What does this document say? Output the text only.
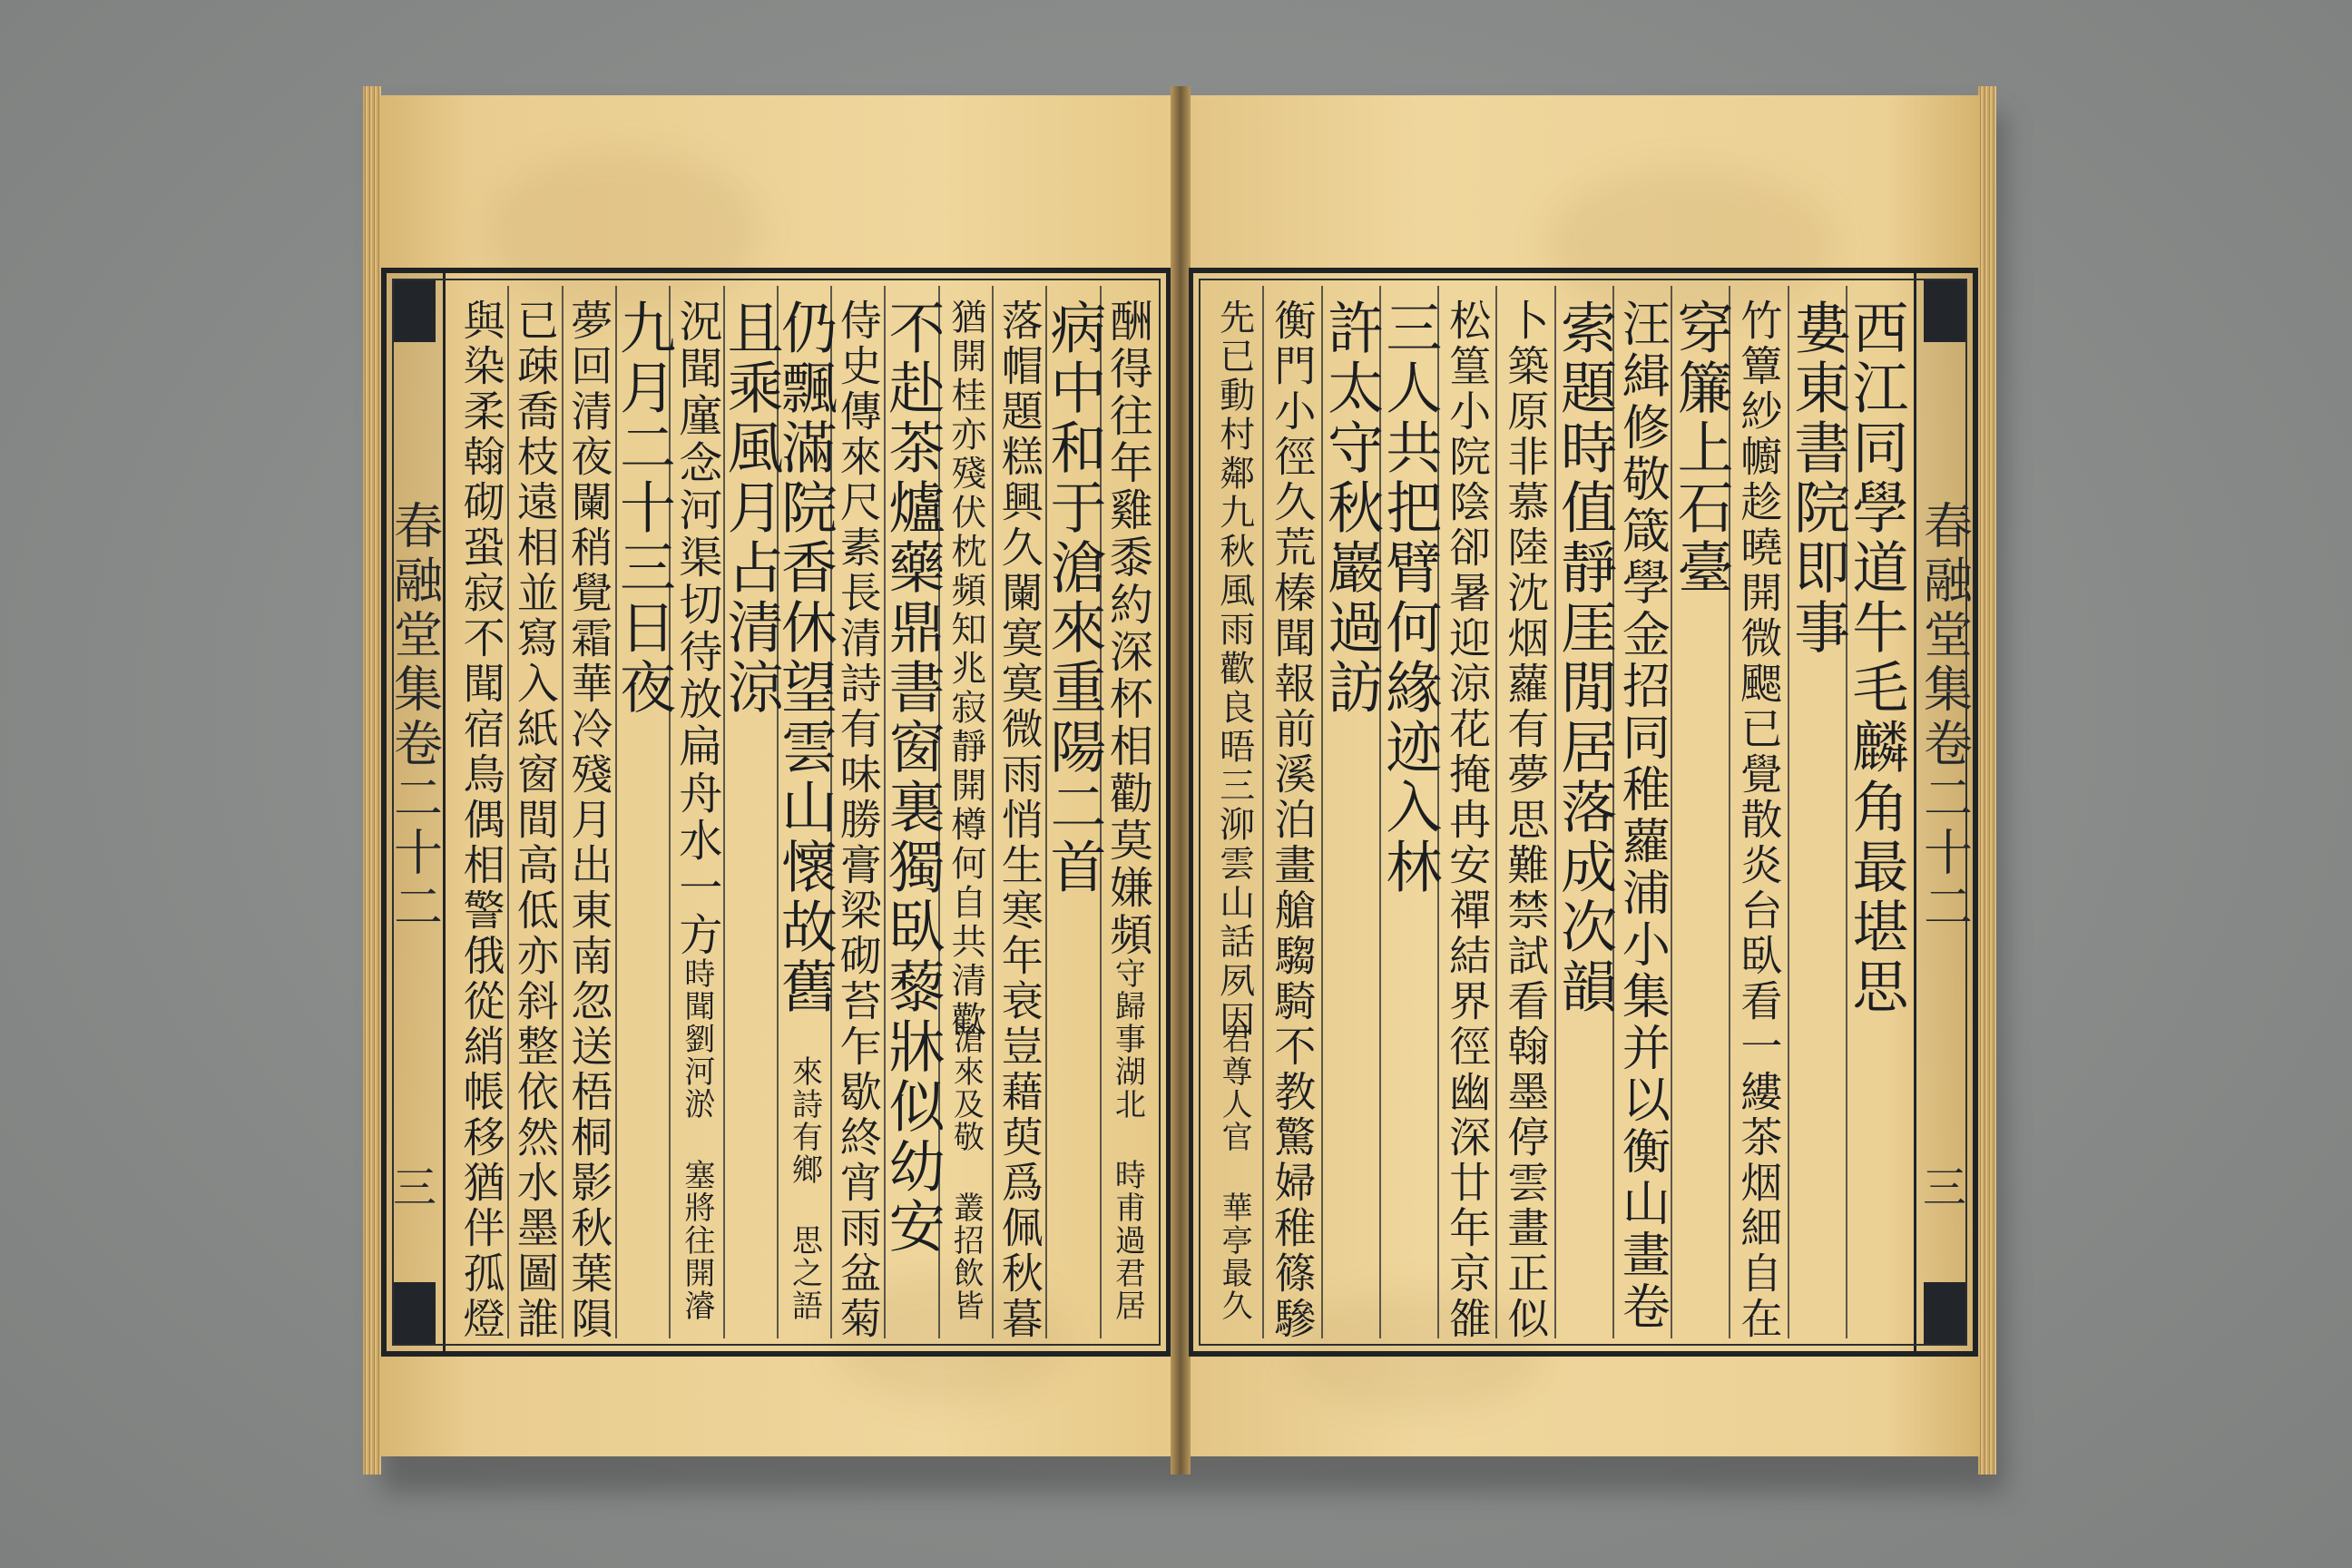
春融堂集卷二十二
三
酬得往年雞黍約深杯相勸莫嫌頻
守歸事湖北 時甫過君居
病中和于滄來重陽二首
落帽題糕興久闌寞寞微雨悄生寒年衰豈藉萸爲佩秋暮
猶開桂亦殘伏枕頻知兆寂靜開樽何自共清歡
滄來及敬 叢招飲皆
不赴茶爐藥鼎書窗裏獨臥藜牀似幼安
侍史傳來尺素長清詩有味勝膏梁砌苔乍歇終宵雨盆菊
仍飄滿院香休望雲山懷故舊
來詩有鄉 思之語
且乘風月占清涼
況聞廑念河渠切待放扁舟水一方
時聞劉河淤 塞將往開濬
九月二十三日夜
夢回清夜闌稍覺霜華冷殘月出東南忽送梧桐影秋葉隕
已疎喬枝遠相並寫入紙窗間高低亦斜整依然水墨圖誰
與染柔翰砌蛩寂不聞宿鳥偶相警俄從綃帳移猶伴孤燈	春融堂集卷二十二
三
西江同學道牛毛麟角最堪思
婁東書院即事
竹簟紗幮趁曉開微颸已覺散炎台臥看一縷茶烟細自在
穿簾上石臺
汪緝修敬箴學金招同稚蘿浦小集并以衡山畫卷
索題時值靜厓閒居落成次韻
卜築原非慕陸沈烟蘿有夢思難禁試看翰墨停雲畫正似
松篁小院陰卻暑迎涼花掩冉安禪結界徑幽深廿年京雒
三人共把臂何緣迹入林
許太守秋巖過訪
衡門小徑久荒榛聞報前溪泊畫艙騶騎不教驚婦稚篠驂
先已動村鄰九秋風雨歡良晤三泖雲山話夙因
君尊人官 華亭最久
